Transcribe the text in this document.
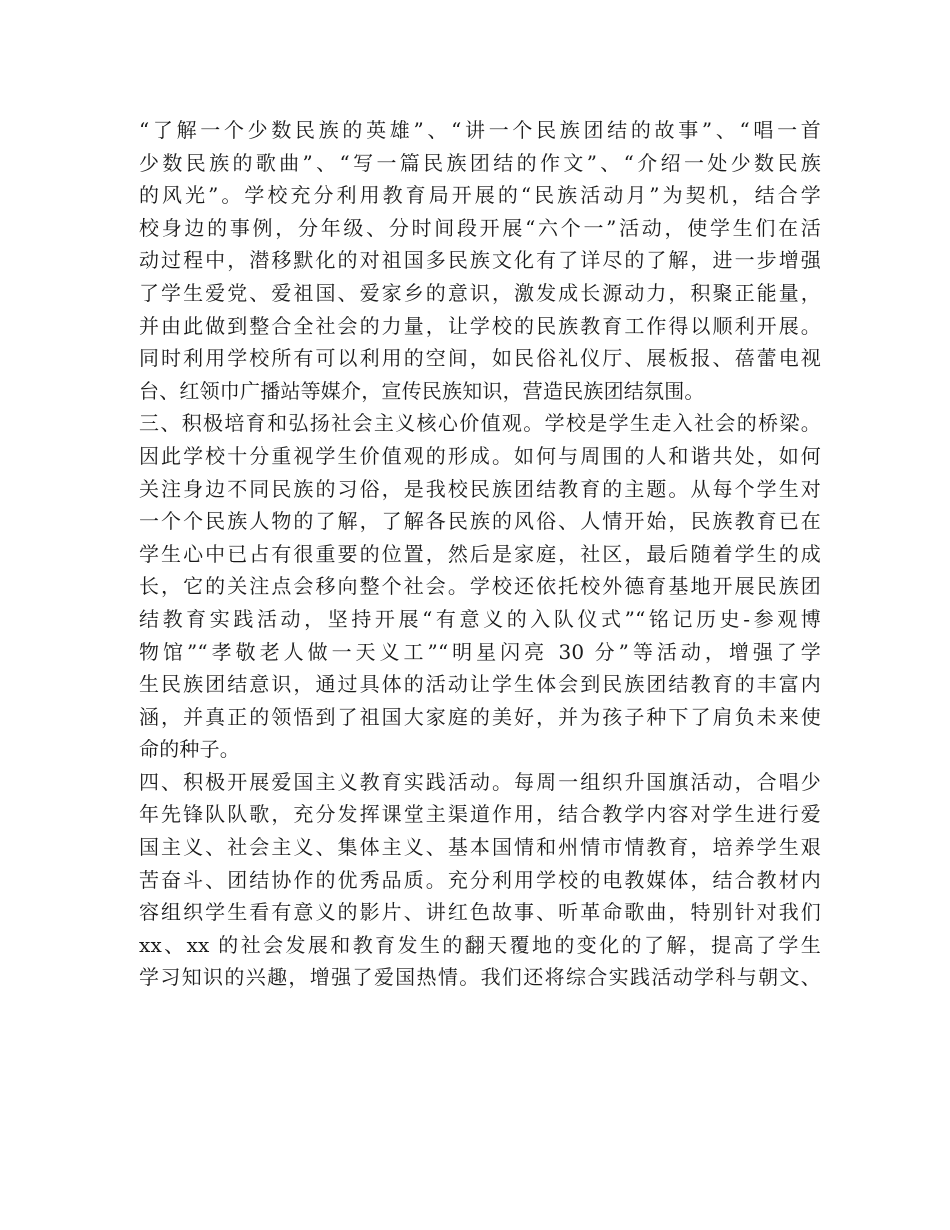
“了解一个少数民族的英雄”、“讲一个民族团结的故事”、“唱一首
少数民族的歌曲”、“写一篇民族团结的作文”、“介绍一处少数民族
的风光”。学校充分利用教育局开展的“民族活动月”为契机，结合学
校身边的事例，分年级、分时间段开展“六个一”活动，使学生们在活
动过程中，潜移默化的对祖国多民族文化有了详尽的了解，进一步增强
了学生爱党、爱祖国、爱家乡的意识，激发成长源动力，积聚正能量，
并由此做到整合全社会的力量，让学校的民族教育工作得以顺利开展。
同时利用学校所有可以利用的空间，如民俗礼仪厅、展板报、蓓蕾电视
台、红领巾广播站等媒介，宣传民族知识，营造民族团结氛围。
三、积极培育和弘扬社会主义核心价值观。学校是学生走入社会的桥梁。
因此学校十分重视学生价值观的形成。如何与周围的人和谐共处，如何
关注身边不同民族的习俗，是我校民族团结教育的主题。从每个学生对
一个个民族人物的了解，了解各民族的风俗、人情开始，民族教育已在
学生心中已占有很重要的位置，然后是家庭，社区，最后随着学生的成
长，它的关注点会移向整个社会。学校还依托校外德育基地开展民族团
结教育实践活动，坚持开展“有意义的入队仪式”“铭记历史-参观博
物馆”“孝敬老人做一天义工”“明星闪亮 30 分”等活动，增强了学
生民族团结意识，通过具体的活动让学生体会到民族团结教育的丰富内
涵，并真正的领悟到了祖国大家庭的美好，并为孩子种下了肩负未来使
命的种子。
四、积极开展爱国主义教育实践活动。每周一组织升国旗活动，合唱少
年先锋队队歌，充分发挥课堂主渠道作用，结合教学内容对学生进行爱
国主义、社会主义、集体主义、基本国情和州情市情教育，培养学生艰
苦奋斗、团结协作的优秀品质。充分利用学校的电教媒体，结合教材内
容组织学生看有意义的影片、讲红色故事、听革命歌曲，特别针对我们
xx、xx 的社会发展和教育发生的翻天覆地的变化的了解，提高了学生
学习知识的兴趣，增强了爱国热情。我们还将综合实践活动学科与朝文、
